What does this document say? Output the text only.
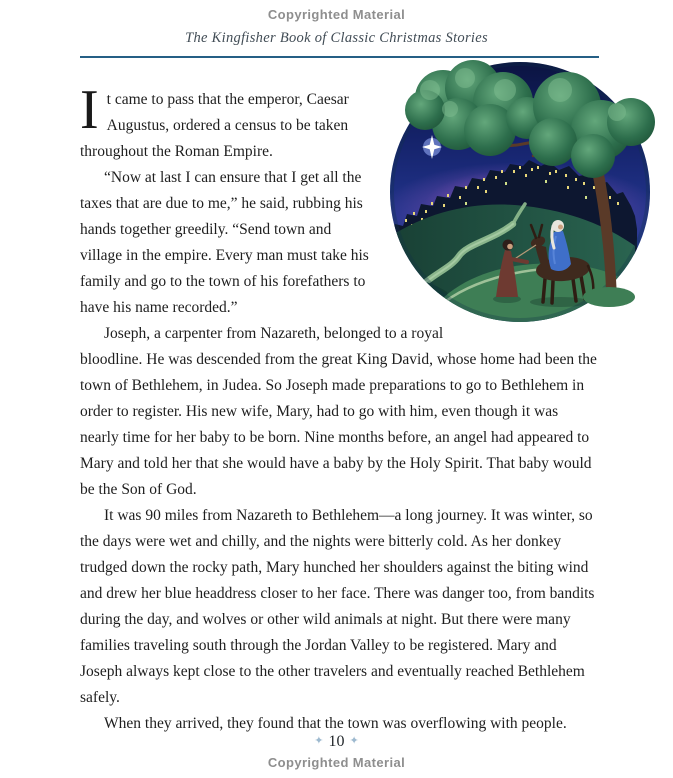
Copyrighted Material
The Kingfisher Book of Classic Christmas Stories

It came to pass that the emperor, Caesar Augustus, ordered a census to be taken throughout the Roman Empire.

“Now at last I can ensure that I get all the taxes that are due to me,” he said, rubbing his hands together greedily. “Send town and village in the empire. Every man must take his family and go to the town of his forefathers to have his name recorded.”

Joseph, a carpenter from Nazareth, belonged to a royal bloodline. He was descended from the great King David, whose home had been the town of Bethlehem, in Judea. So Joseph made preparations to go to Bethlehem in order to register. His new wife, Mary, had to go with him, even though it was nearly time for her baby to be born. Nine months before, an angel had appeared to Mary and told her that she would have a baby by the Holy Spirit. That baby would be the Son of God.

It was 90 miles from Nazareth to Bethlehem—a long journey. It was winter, so the days were wet and chilly, and the nights were bitterly cold. As her donkey trudged down the rocky path, Mary hunched her shoulders against the biting wind and drew her blue headdress closer to her face. There was danger too, from bandits during the day, and wolves or other wild animals at night. But there were many families traveling south through the Jordan Valley to be registered. Mary and Joseph always kept close to the other travelers and eventually reached Bethlehem safely.

When they arrived, they found that the town was overflowing with people.

✦ 10 ✦
Copyrighted Material
